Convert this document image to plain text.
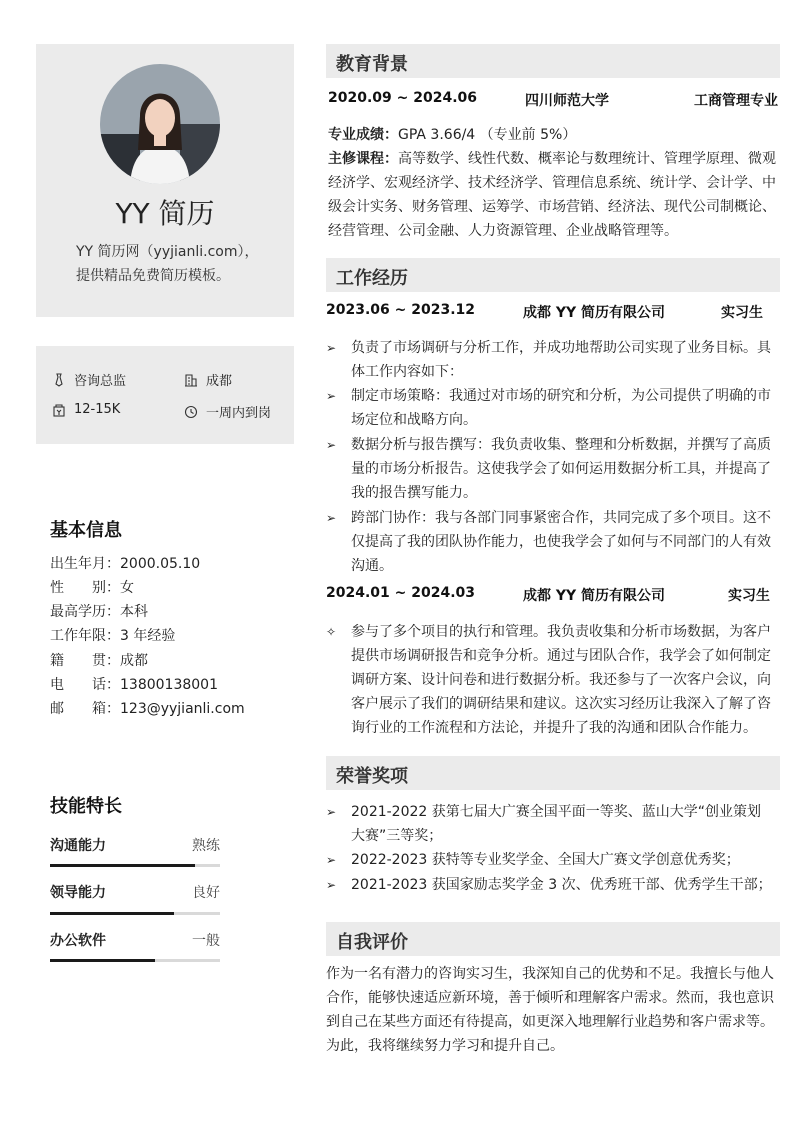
YY 简历
YY 简历网（yyjianli.com），
提供精品免费简历模板。
咨询总监	成都
12-15K	一周内到岗
基本信息
出生年月：2000.05.10
性　　别：女
最高学历：本科
工作年限：3 年经验
籍　　贯：成都
电　　话：13800138001
邮　　箱：123@yyjianli.com
技能特长
沟通能力	熟练
领导能力	良好
办公软件	一般
教育背景
2020.09 ~ 2024.06	四川师范大学	工商管理专业
专业成绩：GPA 3.66/4 （专业前 5%）
主修课程：高等数学、线性代数、概率论与数理统计、管理学原理、微观
经济学、宏观经济学、技术经济学、管理信息系统、统计学、会计学、中
级会计实务、财务管理、运筹学、市场营销、经济法、现代公司制概论、
经营管理、公司金融、人力资源管理、企业战略管理等。
工作经历
2023.06 ~ 2023.12	成都 YY 简历有限公司	实习生
➢	负责了市场调研与分析工作，并成功地帮助公司实现了业务目标。具
体工作内容如下：
➢	制定市场策略：我通过对市场的研究和分析，为公司提供了明确的市
场定位和战略方向。
➢	数据分析与报告撰写：我负责收集、整理和分析数据，并撰写了高质
量的市场分析报告。这使我学会了如何运用数据分析工具，并提高了
我的报告撰写能力。
➢	跨部门协作：我与各部门同事紧密合作，共同完成了多个项目。这不
仅提高了我的团队协作能力，也使我学会了如何与不同部门的人有效
沟通。
2024.01 ~ 2024.03	成都 YY 简历有限公司	实习生
✧	参与了多个项目的执行和管理。我负责收集和分析市场数据，为客户
提供市场调研报告和竞争分析。通过与团队合作，我学会了如何制定
调研方案、设计问卷和进行数据分析。我还参与了一次客户会议，向
客户展示了我们的调研结果和建议。这次实习经历让我深入了解了咨
询行业的工作流程和方法论，并提升了我的沟通和团队合作能力。
荣誉奖项
➢	2021-2022 获第七届大广赛全国平面一等奖、蓝山大学“创业策划
大赛”三等奖；
➢	2022-2023 获特等专业奖学金、全国大广赛文学创意优秀奖；
➢	2021-2023 获国家励志奖学金 3 次、优秀班干部、优秀学生干部；
自我评价
作为一名有潜力的咨询实习生，我深知自己的优势和不足。我擅长与他人
合作，能够快速适应新环境，善于倾听和理解客户需求。然而，我也意识
到自己在某些方面还有待提高，如更深入地理解行业趋势和客户需求等。
为此，我将继续努力学习和提升自己。
